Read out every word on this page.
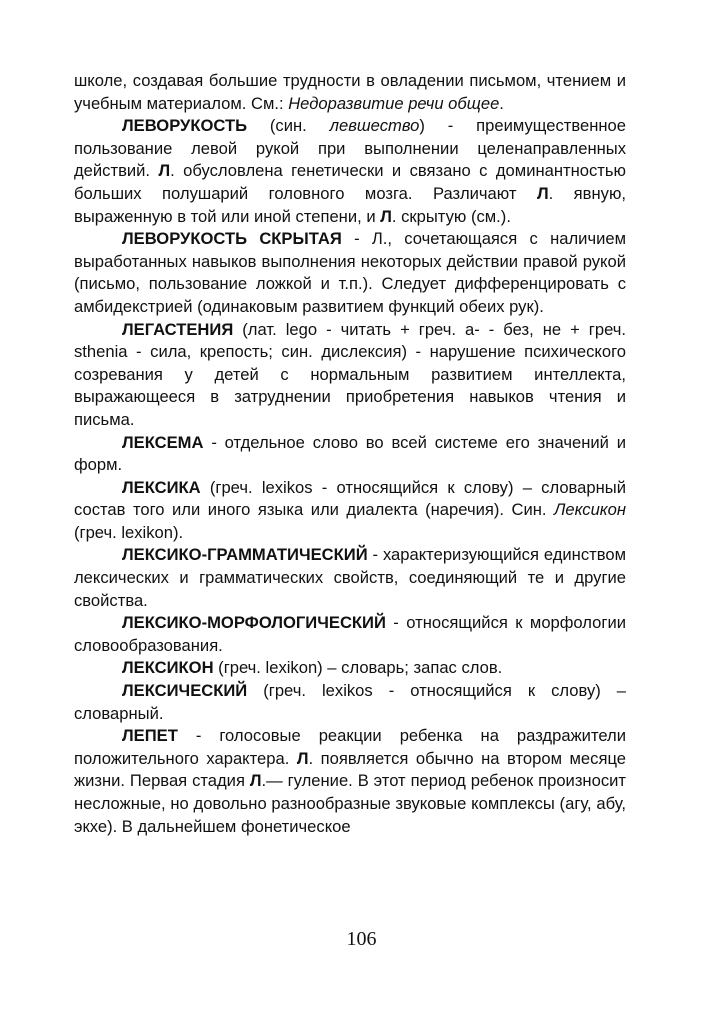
школе, создавая большие трудности в овладении письмом, чтением и учебным материалом. См.: Недоразвитие речи общее.

ЛЕВОРУКОСТЬ (син. левшество) - преимущественное пользование левой рукой при выполнении целенаправленных действий. Л. обусловлена генетически и связано с доминантностью больших полушарий головного мозга. Различают Л. явную, выраженную в той или иной степени, и Л. скрытую (см.).

ЛЕВОРУКОСТЬ СКРЫТАЯ - Л., сочетающаяся с наличием выработанных навыков выполнения некоторых действии правой рукой (письмо, пользование ложкой и т.п.). Следует дифференцировать с амбидекстрией (одинаковым развитием функций обеих рук).

ЛЕГАСТЕНИЯ (лат. lego - читать + греч. а- - без, не + греч. sthenia - сила, крепость; син. дислексия) - нарушение психического созревания у детей с нормальным развитием интеллекта, выражающееся в затруднении приобретения навыков чтения и письма.

ЛЕКСЕМА - отдельное слово во всей системе его значений и форм.

ЛЕКСИКА (греч. lexikos - относящийся к слову) – словарный состав того или иного языка или диалекта (наречия). Син. Лексикон (греч. lexikon).

ЛЕКСИКО-ГРАММАТИЧЕСКИЙ - характеризующийся единством лексических и грамматических свойств, соединяющий те и другие свойства.

ЛЕКСИКО-МОРФОЛОГИЧЕСКИЙ - относящийся к морфологии словообразования.

ЛЕКСИКОН (греч. lexikon) – словарь; запас слов.

ЛЕКСИЧЕСКИЙ (греч. lexikos - относящийся к слову) – словарный.

ЛЕПЕТ - голосовые реакции ребенка на раздражители положительного характера. Л. появляется обычно на втором месяце жизни. Первая стадия Л.— гуление. В этот период ребенок произносит несложные, но довольно разнообразные звуковые комплексы (агу, абу, экхе). В дальнейшем фонетическое

106
